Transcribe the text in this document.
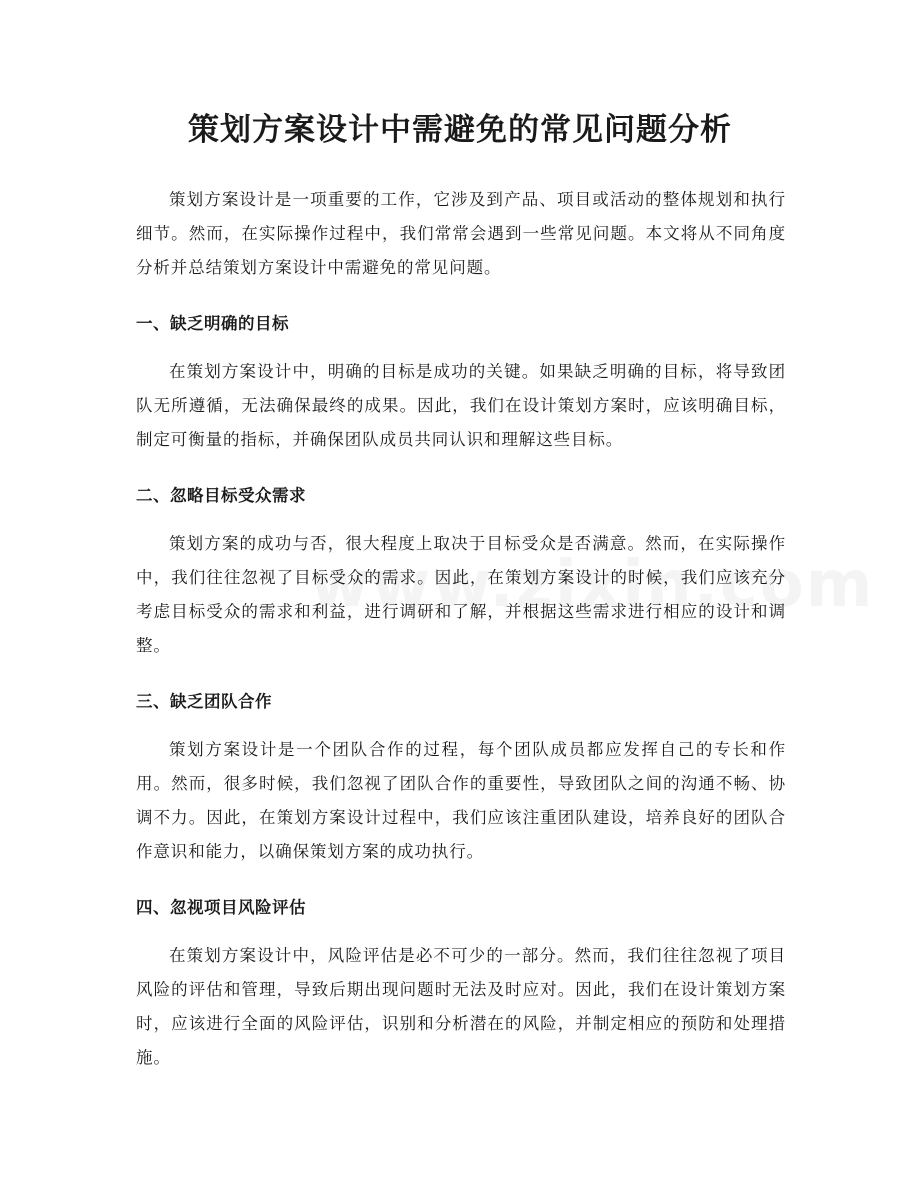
策划方案设计中需避免的常见问题分析

策划方案设计是一项重要的工作，它涉及到产品、项目或活动的整体规划和执行细节。然而，在实际操作过程中，我们常常会遇到一些常见问题。本文将从不同角度分析并总结策划方案设计中需避免的常见问题。

一、缺乏明确的目标

在策划方案设计中，明确的目标是成功的关键。如果缺乏明确的目标，将导致团队无所遵循，无法确保最终的成果。因此，我们在设计策划方案时，应该明确目标，制定可衡量的指标，并确保团队成员共同认识和理解这些目标。

二、忽略目标受众需求

策划方案的成功与否，很大程度上取决于目标受众是否满意。然而，在实际操作中，我们往往忽视了目标受众的需求。因此，在策划方案设计的时候，我们应该充分考虑目标受众的需求和利益，进行调研和了解，并根据这些需求进行相应的设计和调整。

三、缺乏团队合作

策划方案设计是一个团队合作的过程，每个团队成员都应发挥自己的专长和作用。然而，很多时候，我们忽视了团队合作的重要性，导致团队之间的沟通不畅、协调不力。因此，在策划方案设计过程中，我们应该注重团队建设，培养良好的团队合作意识和能力，以确保策划方案的成功执行。

四、忽视项目风险评估

在策划方案设计中，风险评估是必不可少的一部分。然而，我们往往忽视了项目风险的评估和管理，导致后期出现问题时无法及时应对。因此，我们在设计策划方案时，应该进行全面的风险评估，识别和分析潜在的风险，并制定相应的预防和处理措施。
